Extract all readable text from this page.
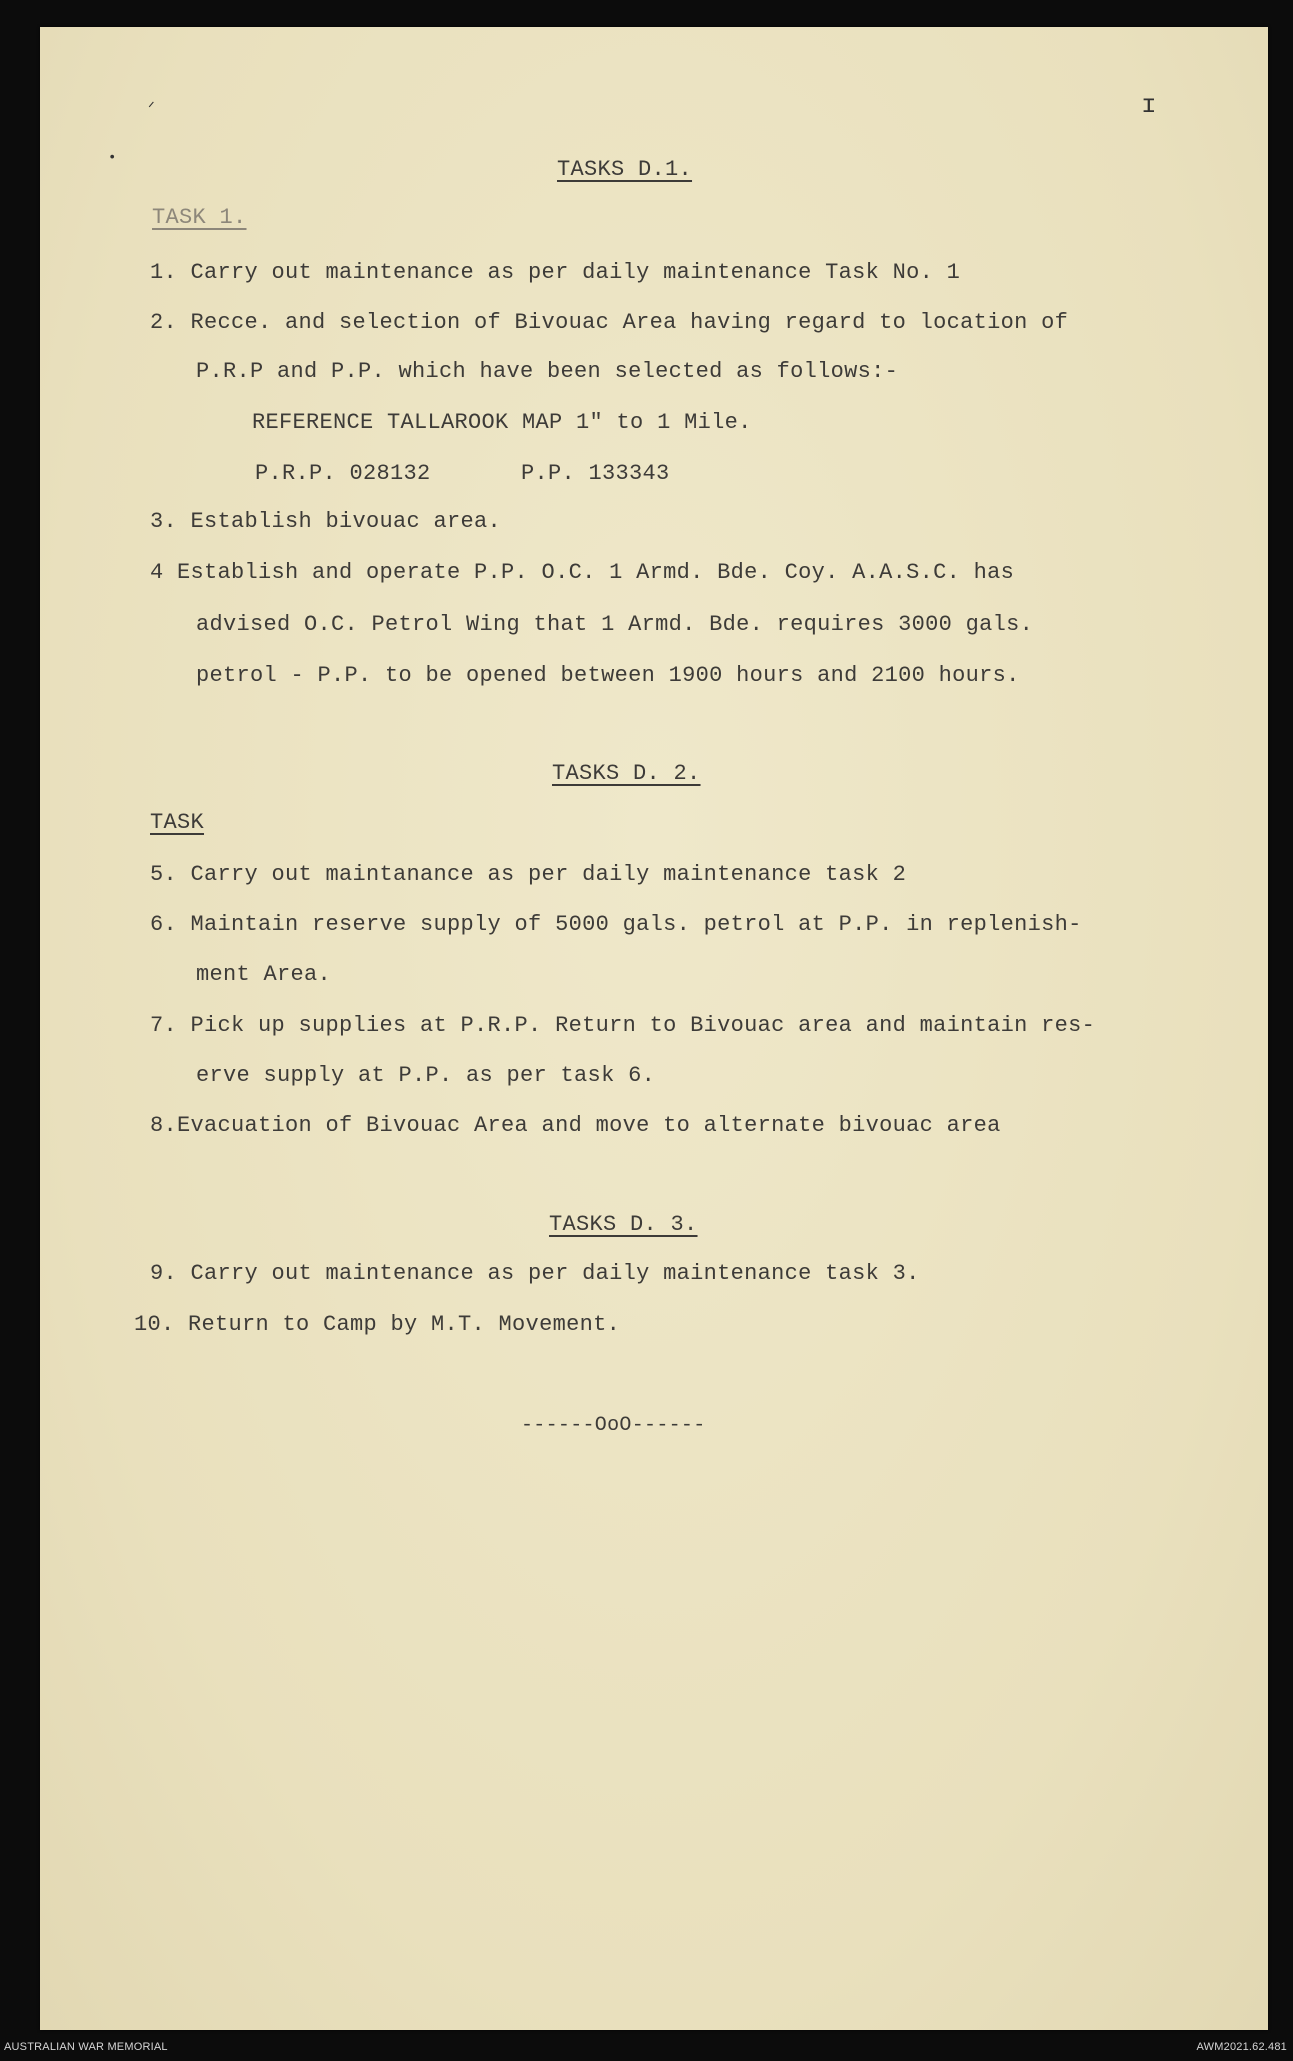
ᐟ
•
ɪ
TASKS D.1.
TASK 1.
1. Carry out maintenance as per daily maintenance Task No. 1
2. Recce. and selection of Bivouac Area having regard to location of
P.R.P and P.P. which have been selected as follows:-
REFERENCE TALLAROOK MAP 1" to 1 Mile.
P.R.P. 028132	P.P. 133343
3. Establish bivouac area.
4 Establish and operate P.P. O.C. 1 Armd. Bde. Coy. A.A.S.C. has
advised O.C. Petrol Wing that 1 Armd. Bde. requires 3000 gals.
petrol - P.P. to be opened between 1900 hours and 2100 hours.
TASKS D. 2.
TASK
5. Carry out maintanance as per daily maintenance task 2
6. Maintain reserve supply of 5000 gals. petrol at P.P. in replenish-
ment Area.
7. Pick up supplies at P.R.P. Return to Bivouac area and maintain res-
erve supply at P.P. as per task 6.
8.Evacuation of Bivouac Area and move to alternate bivouac area
TASKS D. 3.
9. Carry out maintenance as per daily maintenance task 3.
10. Return to Camp by M.T. Movement.
------OoO------
AUSTRALIAN WAR MEMORIAL	AWM2021.62.481
